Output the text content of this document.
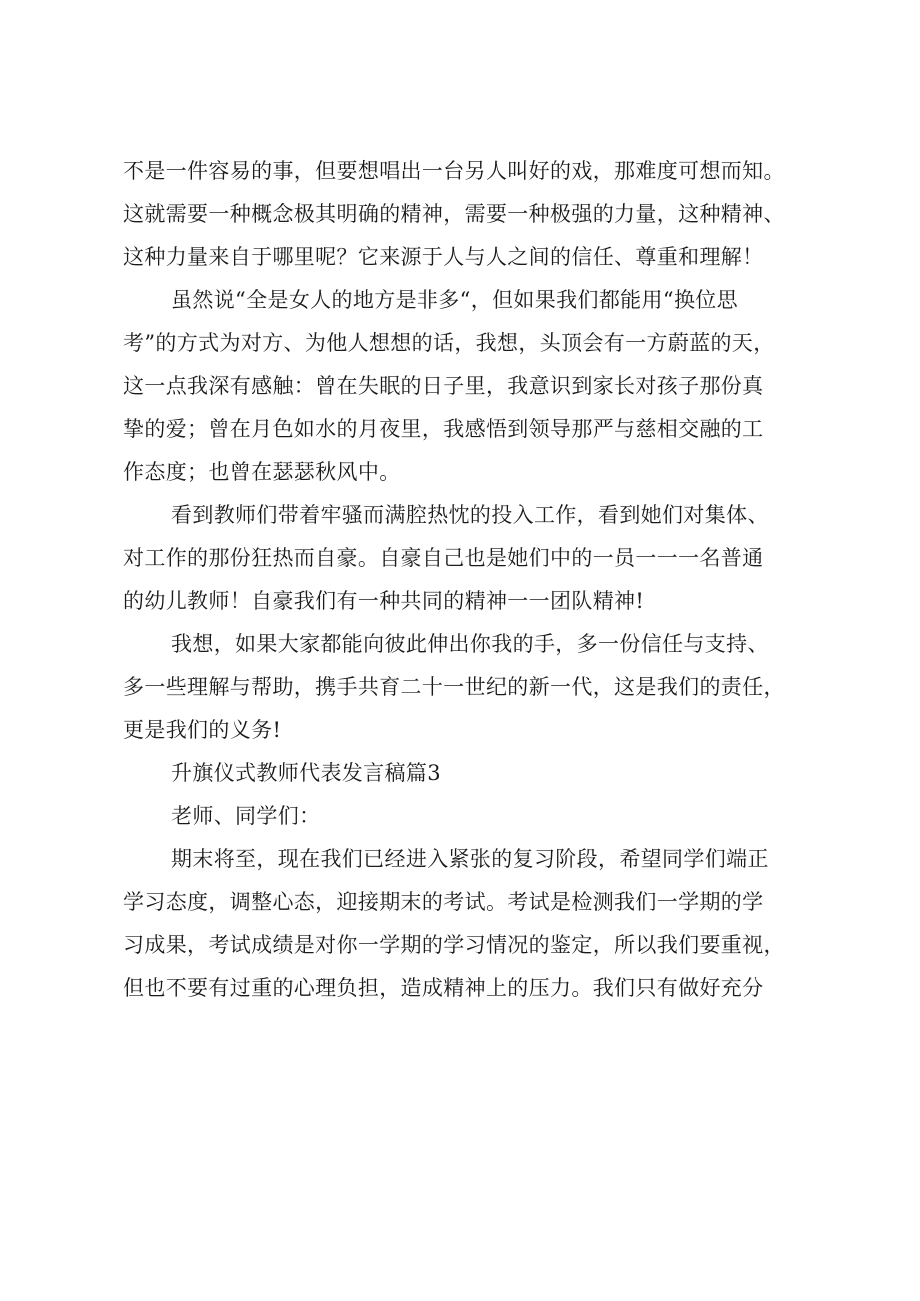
不是一件容易的事，但要想唱出一台另人叫好的戏，那难度可想而知。
这就需要一种概念极其明确的精神，需要一种极强的力量，这种精神、
这种力量来自于哪里呢？它来源于人与人之间的信任、尊重和理解！
虽然说“全是女人的地方是非多“，但如果我们都能用“换位思
考”的方式为对方、为他人想想的话，我想，头顶会有一方蔚蓝的天，
这一点我深有感触：曾在失眠的日子里，我意识到家长对孩子那份真
挚的爱；曾在月色如水的月夜里，我感悟到领导那严与慈相交融的工
作态度；也曾在瑟瑟秋风中。
看到教师们带着牢骚而满腔热忱的投入工作，看到她们对集体、
对工作的那份狂热而自豪。自豪自己也是她们中的一员一一一名普通
的幼儿教师！自豪我们有一种共同的精神一一团队精神!
我想，如果大家都能向彼此伸出你我的手，多一份信任与支持、
多一些理解与帮助，携手共育二十一世纪的新一代，这是我们的责任，
更是我们的义务!
升旗仪式教师代表发言稿篇3
老师、同学们：
期末将至，现在我们已经进入紧张的复习阶段，希望同学们端正
学习态度，调整心态，迎接期末的考试。考试是检测我们一学期的学
习成果，考试成绩是对你一学期的学习情况的鉴定，所以我们要重视，
但也不要有过重的心理负担，造成精神上的压力。我们只有做好充分
